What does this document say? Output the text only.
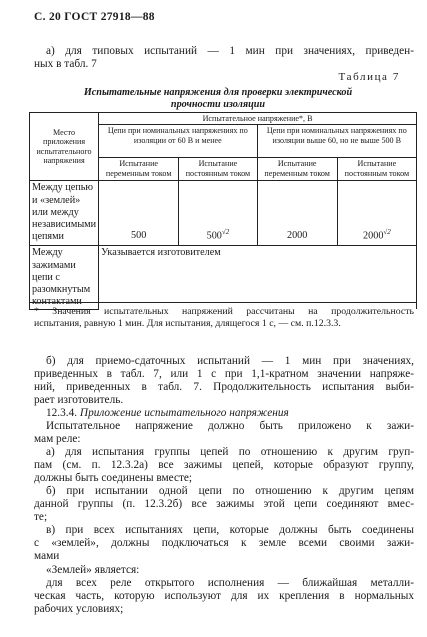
С. 20 ГОСТ 27918—88
а) для типовых испытаний — 1 мин при значениях, приведен-
ных в табл. 7
Таблица 7
Испытательные напряжения для проверки электрической
прочности изоляции
Место приложения испытательного напряжения	Испытательное напряжение*, В			
	Цепи при номинальных напряжениях по изоляции от 60 В и менее		Цепи при номинальных напряжениях по изоляции выше 60, но не выше 500 В	
	Испытание переменным током	Испытание постоянным током	Испытание переменным током	Испытание постоянным током
Между цепью и «землей» или между независимыми цепями	500	$500^{√2}$	2000	$2000^{√2}$
Между зажимами цепи с разомкнутым контактами	Указывается изготовителем			
* Значения испытательных напряжений рассчитаны на продолжительность
испытания, равную 1 мин. Для испытания, длящегося 1 с, — см. п.12.3.3.
б) для приемо-сдаточных испытаний — 1 мин при значениях,
приведенных в табл. 7, или 1 с при 1,1-кратном значении напряже-
ний, приведенных в табл. 7. Продолжительность испытания выби-
рает изготовитель.
12.3.4. Приложение испытательного напряжения
Испытательное напряжение должно быть приложено к зажи-
мам реле:
а) для испытания группы цепей по отношению к другим груп-
пам (см. п. 12.3.2а) все зажимы цепей, которые образуют группу,
должны быть соединены вместе;
б) при испытании одной цепи по отношению к другим цепям
данной группы (п. 12.3.2б) все зажимы этой цепи соединяют вмес-
те;
в) при всех испытаниях цепи, которые должны быть соединены
с «землей», должны подключаться к земле всеми своими зажи-
мами
«Землей» является:
для всех реле открытого исполнения — ближайшая металли-
ческая часть, которую используют для их крепления в нормальных
рабочих условиях;
